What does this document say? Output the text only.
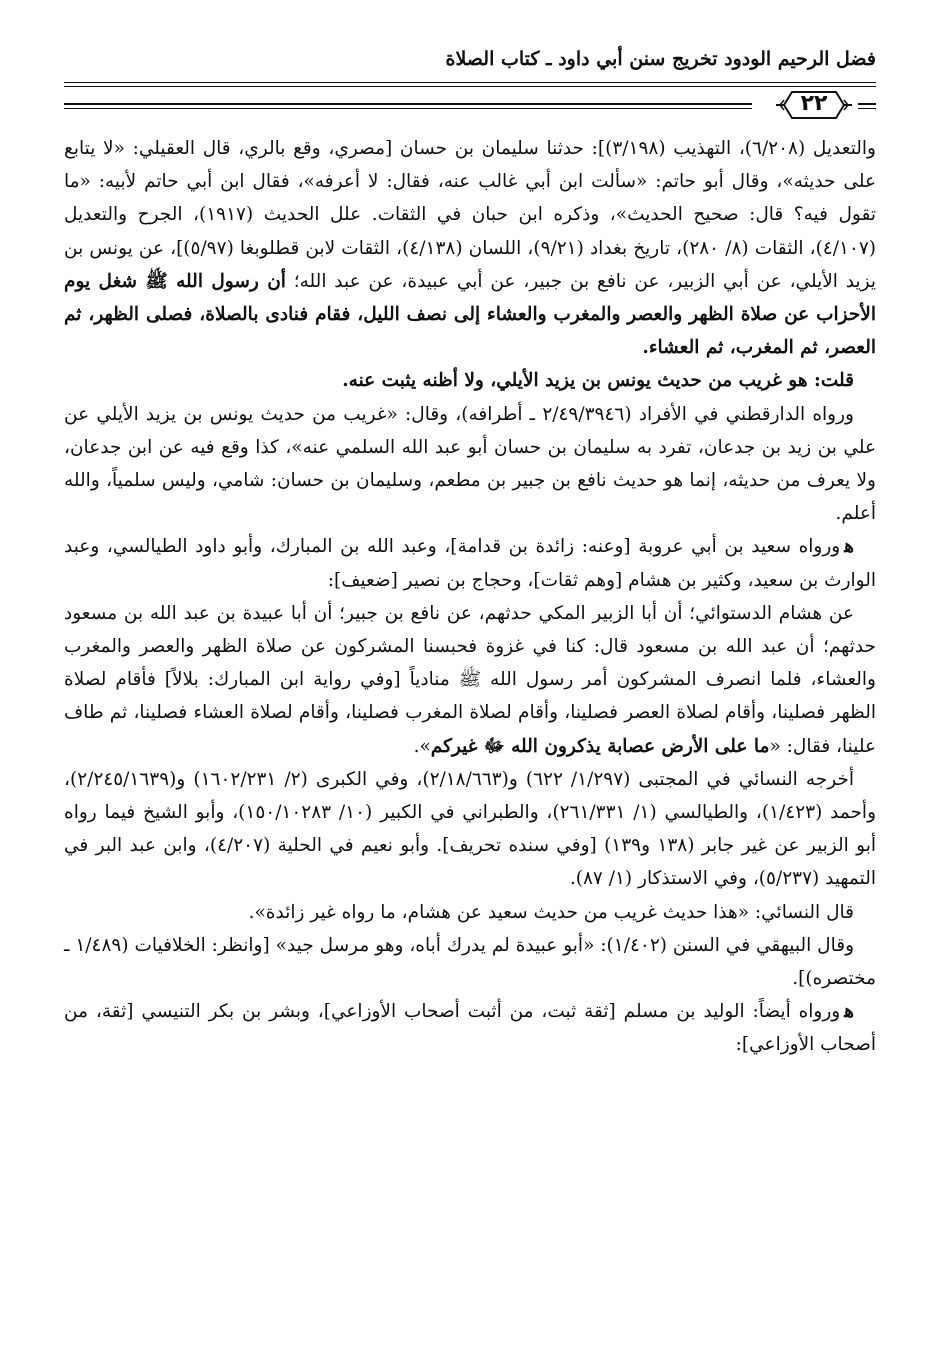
فضل الرحيم الودود تخريج سنن أبي داود ـ كتاب الصلاة
٢٢

والتعديل (٦/٢٠٨)، التهذيب (٣/١٩٨)]: حدثنا سليمان بن حسان [مصري، وقع بالري، قال العقيلي: «لا يتابع على حديثه»، وقال أبو حاتم: «سألت ابن أبي غالب عنه، فقال: لا أعرفه»، فقال ابن أبي حاتم لأبيه: «ما تقول فيه؟ قال: صحيح الحديث»، وذكره ابن حبان في الثقات. علل الحديث (١٩١٧)، الجرح والتعديل (٤/١٠٧)، الثقات (٨/ ٢٨٠)، تاريخ بغداد (٩/٢١)، اللسان (٤/١٣٨)، الثقات لابن قطلوبغا (٥/٩٧)]، عن يونس بن يزيد الأيلي، عن أبي الزبير، عن نافع بن جبير، عن أبي عبيدة، عن عبد الله؛ أن رسول الله ﷺ شغل يوم الأحزاب عن صلاة الظهر والعصر والمغرب والعشاء إلى نصف الليل، فقام فنادى بالصلاة، فصلى الظهر، ثم العصر، ثم المغرب، ثم العشاء.

قلت: هو غريب من حديث يونس بن يزيد الأيلي، ولا أظنه يثبت عنه.

ورواه الدارقطني في الأفراد (٢/٤٩/٣٩٤٦ ـ أطرافه)، وقال: «غريب من حديث يونس بن يزيد الأيلي عن علي بن زيد بن جدعان، تفرد به سليمان بن حسان أبو عبد الله السلمي عنه»، كذا وقع فيه عن ابن جدعان، ولا يعرف من حديثه، إنما هو حديث نافع بن جبير بن مطعم، وسليمان بن حسان: شامي، وليس سلمياً، والله أعلم.

ﻫورواه سعيد بن أبي عروبة [وعنه: زائدة بن قدامة]، وعبد الله بن المبارك، وأبو داود الطيالسي، وعبد الوارث بن سعيد، وكثير بن هشام [وهم ثقات]، وحجاج بن نصير [ضعيف]:

عن هشام الدستوائي؛ أن أبا الزبير المكي حدثهم، عن نافع بن جبير؛ أن أبا عبيدة بن عبد الله بن مسعود حدثهم؛ أن عبد الله بن مسعود قال: كنا في غزوة فحبسنا المشركون عن صلاة الظهر والعصر والمغرب والعشاء، فلما انصرف المشركون أمر رسول الله ﷺ منادياً [وفي رواية ابن المبارك: بلالاً] فأقام لصلاة الظهر فصلينا، وأقام لصلاة العصر فصلينا، وأقام لصلاة المغرب فصلينا، وأقام لصلاة العشاء فصلينا، ثم طاف علينا، فقال: «ما على الأرض عصابة يذكرون الله ﷻ غيركم».

أخرجه النسائي في المجتبى (١/٢٩٧/ ٦٢٢) و(٢/١٨/٦٦٣)، وفي الكبرى (٢/ ١٦٠٢/٢٣١) و(٢/٢٤٥/١٦٣٩)، وأحمد (١/٤٢٣)، والطيالسي (١/ ٢٦١/٣٣١)، والطبراني في الكبير (١٠/ ١٥٠/١٠٢٨٣)، وأبو الشيخ فيما رواه أبو الزبير عن غير جابر (١٣٨ و١٣٩) [وفي سنده تحريف]. وأبو نعيم في الحلية (٤/٢٠٧)، وابن عبد البر في التمهيد (٥/٢٣٧)، وفي الاستذكار (١/ ٨٧).

قال النسائي: «هذا حديث غريب من حديث سعيد عن هشام، ما رواه غير زائدة».

وقال البيهقي في السنن (١/٤٠٢): «أبو عبيدة لم يدرك أباه، وهو مرسل جيد» [وانظر: الخلافيات (١/٤٨٩ ـ مختصره)].

ﻫورواه أيضاً: الوليد بن مسلم [ثقة ثبت، من أثبت أصحاب الأوزاعي]، وبشر بن بكر التنيسي [ثقة، من أصحاب الأوزاعي]:
